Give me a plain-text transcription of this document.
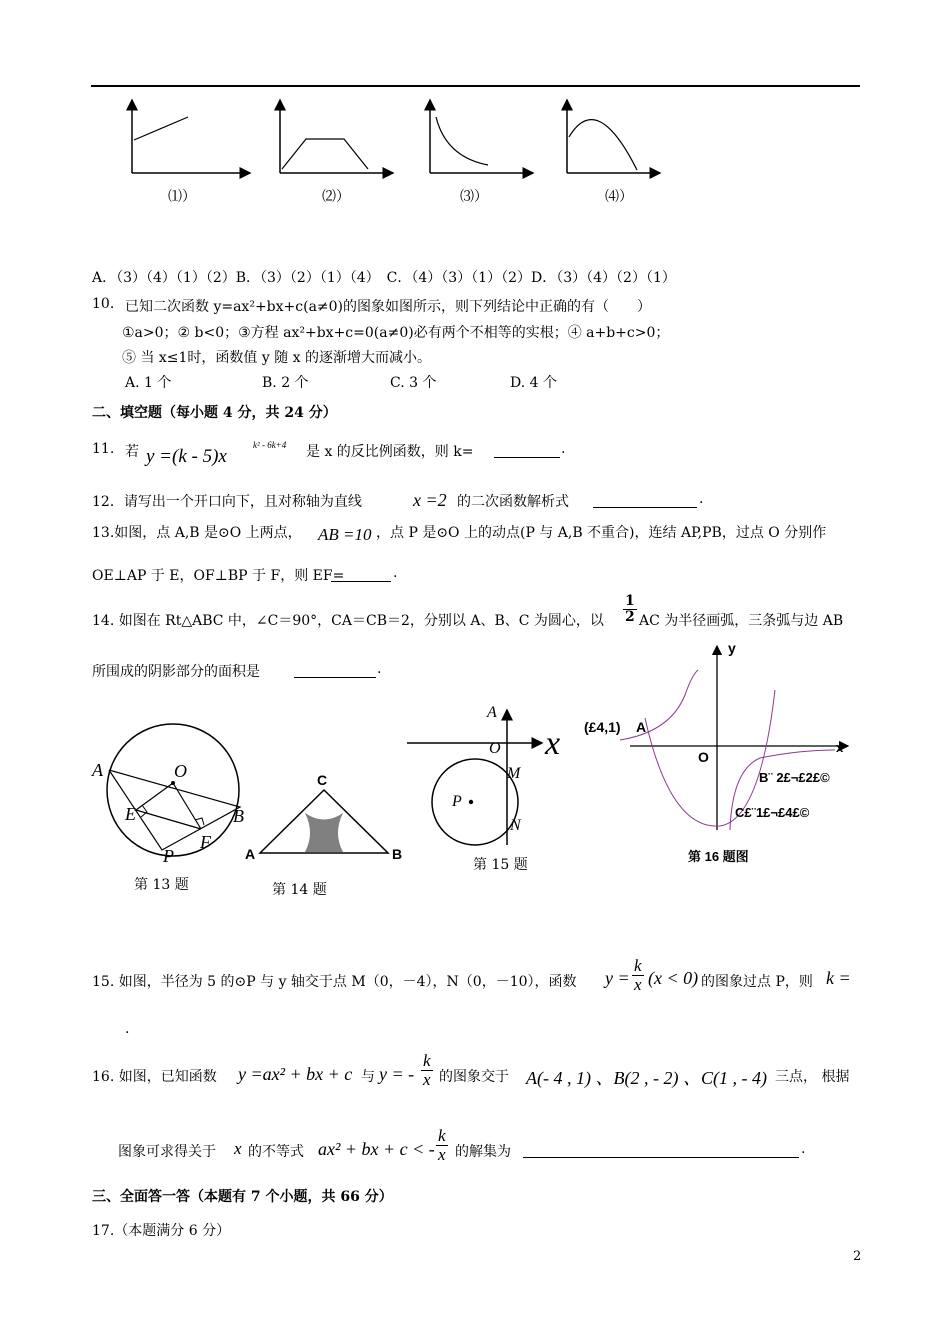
⑴）	⑵）	⑶）	⑷）
A．（3）（4）（1）（2）B．（3）（2）（1）（4）　C．（4）（3）（1）（2）D．（3）（4）（2）（1）
10. 已知二次函数 y=ax²+bx+c(a≠0)的图象如图所示，则下列结论中正确的有（　　）
①a>0；② b<0；③方程 ax²+bx+c=0(a≠0)必有两个不相等的实根；④ a+b+c>0；
⑤ 当 x≤1时，函数值 y 随 x 的逐渐增大而减小。
A. 1 个	B. 2 个	C. 3 个	D. 4 个
二、填空题（每小题 4 分，共 24 分）
11. 若 y =(k - 5)x
k² - 6k+4 是 x 的反比例函数，则 k=	.
12．请写出一个开口向下，且对称轴为直线	x =2 的二次函数解析式	.
13.如图，点 A,B 是⊙O 上两点， AB =10 ，点 P 是⊙O 上的动点(P 与 A,B 不重合)，连结 AP,PB，过点 O 分别作
OE⊥AP 于 E，OF⊥BP 于 F，则 EF=	.
14. 如图在 Rt△ABC 中，∠C＝90°，CA＝CB＝2，分别以 A、B、C 为圆心，以 $\frac{1}{2}$ AC 为半径画弧，三条弧与边 AB
所围成的阴影部分的面积是	.
A	O
E	B
F
P
第 13 题
C
A	B
第 14 题
A
O x
M
P
N
第 15 题
y
(£4,1) A
O
x
B¨ 2£¬£2£©
C£¨1£¬£4£©
第 16 题图
15. 如图，半径为 5 的⊙P 与 y 轴交于点 M（0，－4），N（0，－10），函数 $y = \frac{k}{x} (x < 0)$ 的图象过点 P，则 k =
.
16. 如图，已知函数 y =ax² + bx + c 与 y = - $\frac{k}{x}$ 的图象交于 A(- 4 , 1) 、B(2 , - 2) 、C(1 , - 4) 三点， 根据
图象可求得关于 x 的不等式 ax² + bx + c < - $\frac{k}{x}$ 的解集为	.
三、全面答一答（本题有 7 个小题，共 66 分）
17.（本题满分 6 分）
2
